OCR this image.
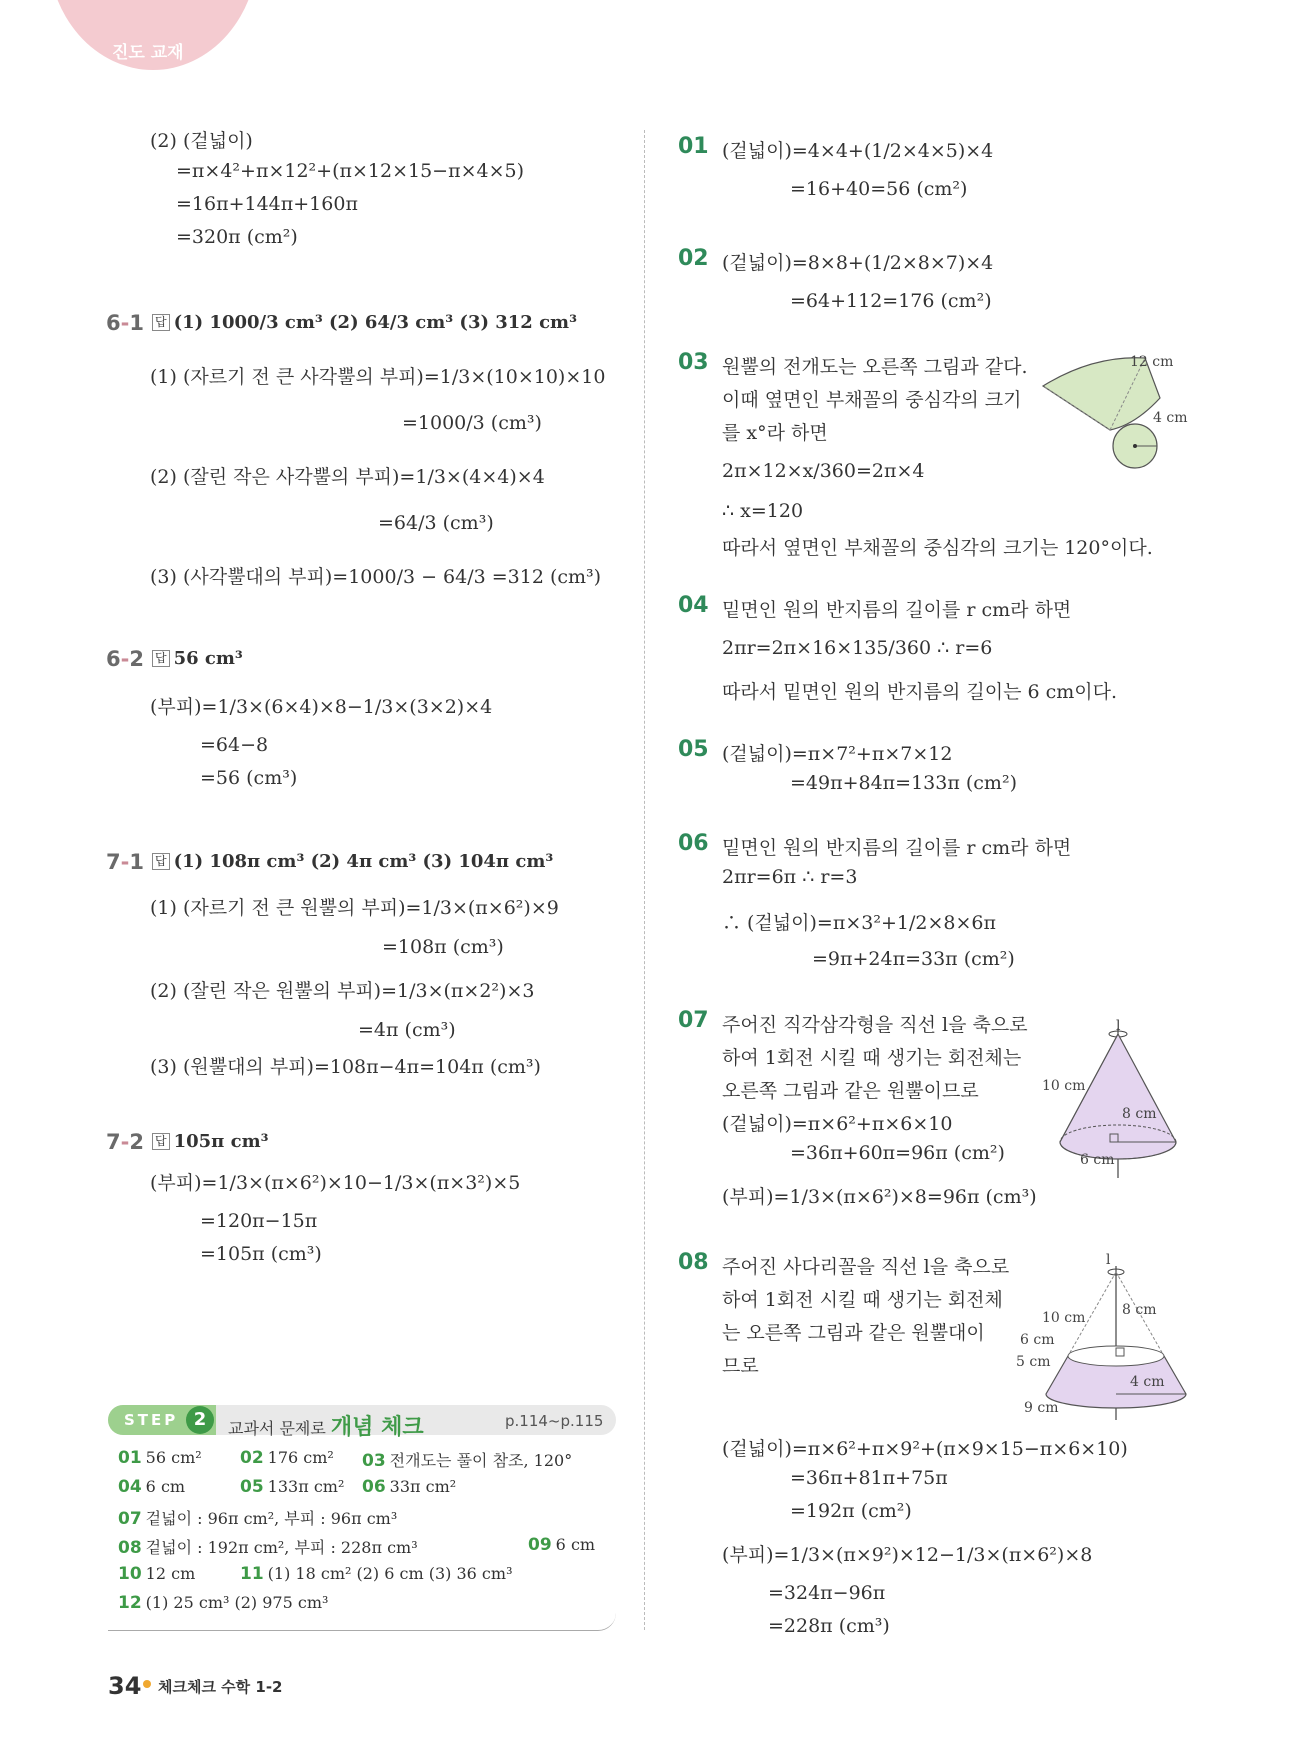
진도 교재
(2) (겉넓이)
=π×4²+π×12²+(π×12×15−π×4×5)
=16π+144π+160π
=320π (cm²)
6-1 답 (1) 1000/3 cm³ (2) 64/3 cm³ (3) 312 cm³
(1) (자르기 전 큰 사각뿔의 부피)=1/3×(10×10)×10
=1000/3 (cm³)
(2) (잘린 작은 사각뿔의 부피)=1/3×(4×4)×4
=64/3 (cm³)
(3) (사각뿔대의 부피)=1000/3 − 64/3 =312 (cm³)
6-2 답 56 cm³
(부피)=1/3×(6×4)×8−1/3×(3×2)×4
=64−8
=56 (cm³)
7-1 답 (1) 108π cm³ (2) 4π cm³ (3) 104π cm³
(1) (자르기 전 큰 원뿔의 부피)=1/3×(π×6²)×9
=108π (cm³)
(2) (잘린 작은 원뿔의 부피)=1/3×(π×2²)×3
=4π (cm³)
(3) (원뿔대의 부피)=108π−4π=104π (cm³)
7-2 답 105π cm³
(부피)=1/3×(π×6²)×10−1/3×(π×3²)×5
=120π−15π
=105π (cm³)
STEP 2	교과서 문제로 개념 체크	p.114~p.115
01 56 cm² 02 176 cm² 03 전개도는 풀이 참조, 120°
04 6 cm	05 133π cm² 06 33π cm²
07 겉넓이 : 96π cm², 부피 : 96π cm³
08 겉넓이 : 192π cm², 부피 : 228π cm³	09 6 cm
10 12 cm	11 (1) 18 cm² (2) 6 cm (3) 36 cm³
12 (1) 25 cm³ (2) 975 cm³
01 (겉넓이)=4×4+(1/2×4×5)×4
=16+40=56 (cm²)
02 (겉넓이)=8×8+(1/2×8×7)×4
=64+112=176 (cm²)
03 원뿔의 전개도는 오른쪽 그림과 같다.
이때 옆면인 부채꼴의 중심각의 크기
를 x°라 하면
2π×12×x/360=2π×4
∴ x=120
따라서 옆면인 부채꼴의 중심각의 크기는 120°이다.
12 cm
4 cm
04 밑면인 원의 반지름의 길이를 r cm라 하면
2πr=2π×16×135/360 ∴ r=6
따라서 밑면인 원의 반지름의 길이는 6 cm이다.
05 (겉넓이)=π×7²+π×7×12
=49π+84π=133π (cm²)
06 밑면인 원의 반지름의 길이를 r cm라 하면
2πr=6π ∴ r=3
∴ (겉넓이)=π×3²+1/2×8×6π
=9π+24π=33π (cm²)
07 주어진 직각삼각형을 직선 l을 축으로
하여 1회전 시킬 때 생기는 회전체는
오른쪽 그림과 같은 원뿔이므로
(겉넓이)=π×6²+π×6×10
=36π+60π=96π (cm²)
(부피)=1/3×(π×6²)×8=96π (cm³)
l
10 cm
8 cm
6 cm
08 주어진 사다리꼴을 직선 l을 축으로
하여 1회전 시킬 때 생기는 회전체
는 오른쪽 그림과 같은 원뿔대이
므로
(겉넓이)=π×6²+π×9²+(π×9×15−π×6×10)
=36π+81π+75π
=192π (cm²)
(부피)=1/3×(π×9²)×12−1/3×(π×6²)×8
=324π−96π
=228π (cm³)
l
10 cm	8 cm
6 cm
5 cm
4 cm
9 cm
34 체크체크 수학 1-2
